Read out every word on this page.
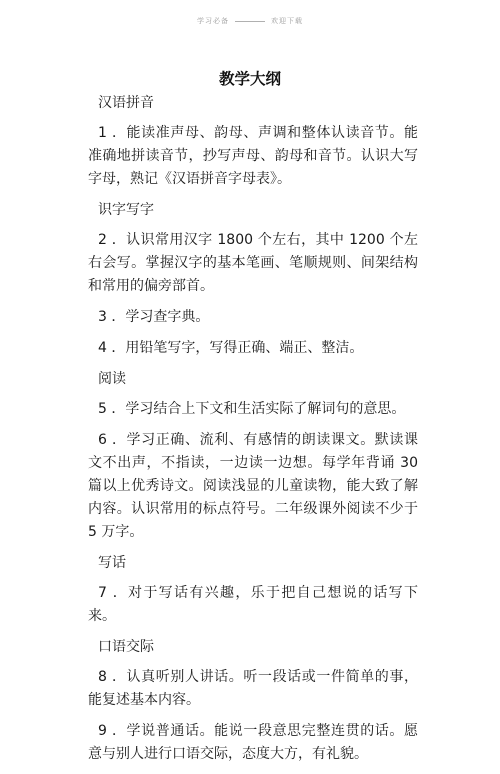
学习必备	欢迎下载
教学大纲
汉语拼音

1 ．能读准声母、韵母、声调和整体认读音节。能准确地拼读音节，抄写声母、韵母和音节。认识大写字母，熟记《汉语拼音字母表》。

识字写字

2 ．认识常用汉字 1800 个左右，其中 1200 个左右会写。掌握汉字的基本笔画、笔顺规则、间架结构和常用的偏旁部首。

3 ．学习查字典。

4 ．用铅笔写字，写得正确、端正、整洁。

阅读

5 ．学习结合上下文和生活实际了解词句的意思。

6 ．学习正确、流利、有感情的朗读课文。默读课文不出声，不指读，一边读一边想。每学年背诵 30 篇以上优秀诗文。阅读浅显的儿童读物，能大致了解内容。认识常用的标点符号。二年级课外阅读不少于 5 万字。

写话

7 ．对于写话有兴趣，乐于把自己想说的话写下来。

口语交际

8 ．认真听别人讲话。听一段话或一件简单的事，能复述基本内容。

9 ．学说普通话。能说一段意思完整连贯的话。愿意与别人进行口语交际，态度大方，有礼貌。
